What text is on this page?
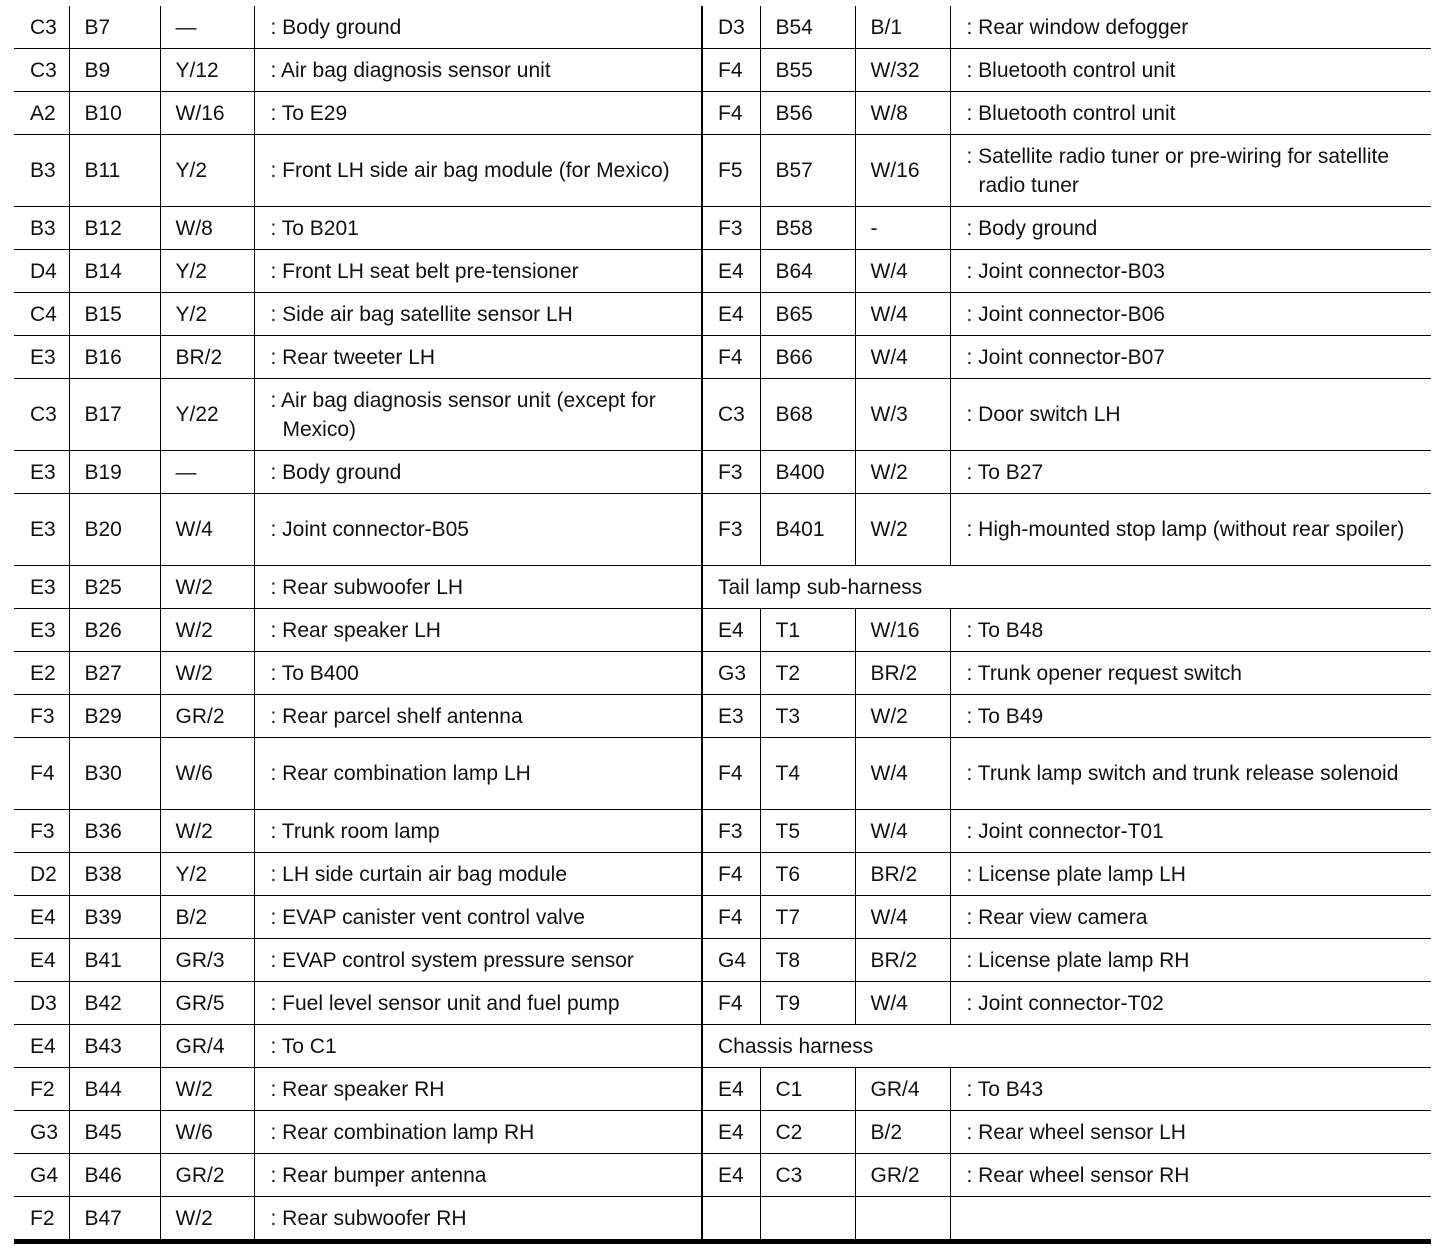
C3	B7	—	: Body ground

C3	B9	Y/12	: Air bag diagnosis sensor unit

A2	B10	W/16	: To E29

B3	B11	Y/2	: Front LH side air bag module (for Mexico)

B3	B12	W/8	: To B201

D4	B14	Y/2	: Front LH seat belt pre-tensioner

C4	B15	Y/2	: Side air bag satellite sensor LH

E3	B16	BR/2	: Rear tweeter LH

C3	B17	Y/22	: Air bag diagnosis sensor unit (except for Mexico)

E3	B19	—	: Body ground

E3	B20	W/4	: Joint connector-B05

E3	B25	W/2	: Rear subwoofer LH

E3	B26	W/2	: Rear speaker LH

E2	B27	W/2	: To B400

F3	B29	GR/2	: Rear parcel shelf antenna

F4	B30	W/6	: Rear combination lamp LH

F3	B36	W/2	: Trunk room lamp

D2	B38	Y/2	: LH side curtain air bag module

E4	B39	B/2	: EVAP canister vent control valve

E4	B41	GR/3	: EVAP control system pressure sensor

D3	B42	GR/5	: Fuel level sensor unit and fuel pump

E4	B43	GR/4	: To C1

F2	B44	W/2	: Rear speaker RH

G3	B45	W/6	: Rear combination lamp RH

G4	B46	GR/2	: Rear bumper antenna

F2	B47	W/2	: Rear subwoofer RH
D3	B54	B/1	: Rear window defogger

F4	B55	W/32	: Bluetooth control unit

F4	B56	W/8	: Bluetooth control unit

F5	B57	W/16	: Satellite radio tuner or pre-wiring for satellite radio tuner

F3	B58	-	: Body ground

E4	B64	W/4	: Joint connector-B03

E4	B65	W/4	: Joint connector-B06

F4	B66	W/4	: Joint connector-B07

C3	B68	W/3	: Door switch LH

F3	B400	W/2	: To B27

F3	B401	W/2	: High-mounted stop lamp (without rear spoiler)

Tail lamp sub-harness			
E4	T1	W/16	: To B48

G3	T2	BR/2	: Trunk opener request switch

E3	T3	W/2	: To B49

F4	T4	W/4	: Trunk lamp switch and trunk release solenoid

F3	T5	W/4	: Joint connector-T01

F4	T6	BR/2	: License plate lamp LH

F4	T7	W/4	: Rear view camera

G4	T8	BR/2	: License plate lamp RH

F4	T9	W/4	: Joint connector-T02

Chassis harness			
E4	C1	GR/4	: To B43

E4	C2	B/2	: Rear wheel sensor LH

E4	C3	GR/2	: Rear wheel sensor RH
